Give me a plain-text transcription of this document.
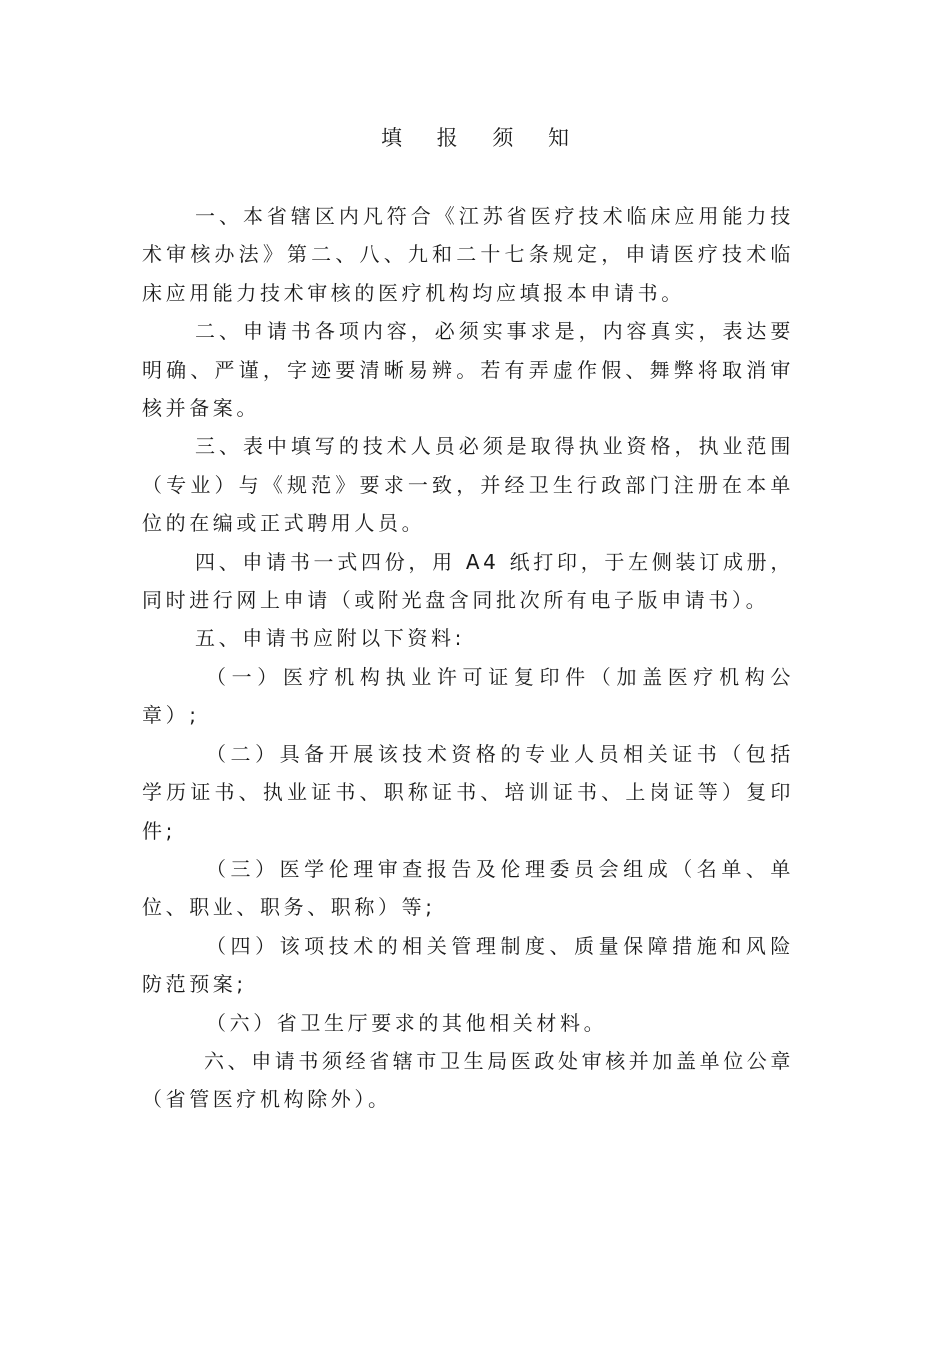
填 报 须 知

一、本省辖区内凡符合《江苏省医疗技术临床应用能力技术审核办法》第二、八、九和二十七条规定，申请医疗技术临床应用能力技术审核的医疗机构均应填报本申请书。

二、申请书各项内容，必须实事求是，内容真实，表达要明确、严谨，字迹要清晰易辨。若有弄虚作假、舞弊将取消审核并备案。

三、表中填写的技术人员必须是取得执业资格，执业范围（专业）与《规范》要求一致，并经卫生行政部门注册在本单位的在编或正式聘用人员。

四、申请书一式四份，用 A4 纸打印，于左侧装订成册，同时进行网上申请（或附光盘含同批次所有电子版申请书）。

五、申请书应附以下资料:

（一）医疗机构执业许可证复印件（加盖医疗机构公章）;

（二）具备开展该技术资格的专业人员相关证书（包括学历证书、执业证书、职称证书、培训证书、上岗证等）复印件;

（三）医学伦理审查报告及伦理委员会组成（名单、单位、职业、职务、职称）等;

（四）该项技术的相关管理制度、质量保障措施和风险防范预案;

（六）省卫生厅要求的其他相关材料。

六、申请书须经省辖市卫生局医政处审核并加盖单位公章（省管医疗机构除外）。
